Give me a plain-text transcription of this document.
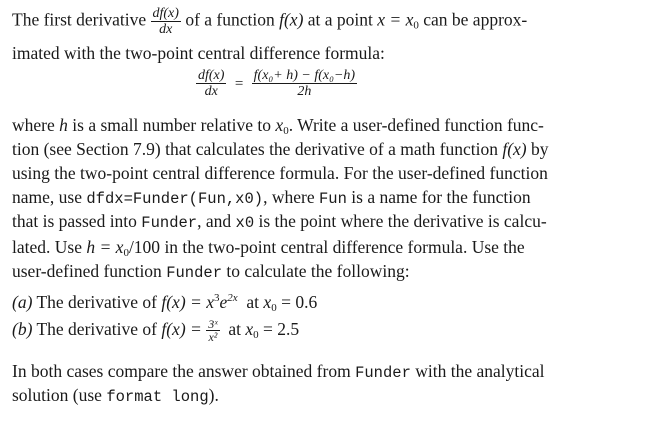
The first derivative $\frac{df(x)}{dx}$ of a function f(x) at a point $x = x_0$ can be approx-
imated with the two-point central difference formula:
$\frac{df(x)}{dx} = \frac{\text{f(x₀+ h) − f(x₀−h)}}{2h}$
where h is a small number relative to $x_0$. Write a user-defined function func-
tion (see Section 7.9) that calculates the derivative of a math function f(x) by
using the two-point central difference formula. For the user-defined function
name, use dfdx=Funder(Fun,x0), where Fun is a name for the function
that is passed into Funder, and x0 is the point where the derivative is calcu-
lated. Use $h = x_0/100$ in the two-point central difference formula. Use the
user-defined function Funder to calculate the following:
(a) The derivative of $f(x) = x^3e^{2x}$ at $x_0 = 0.6$
(b) The derivative of $f(x) = \frac{\text{3ˣ}}{\text{x²}}$ at $x_0 = 2.5$
In both cases compare the answer obtained from Funder with the analytical
solution (use format long).
